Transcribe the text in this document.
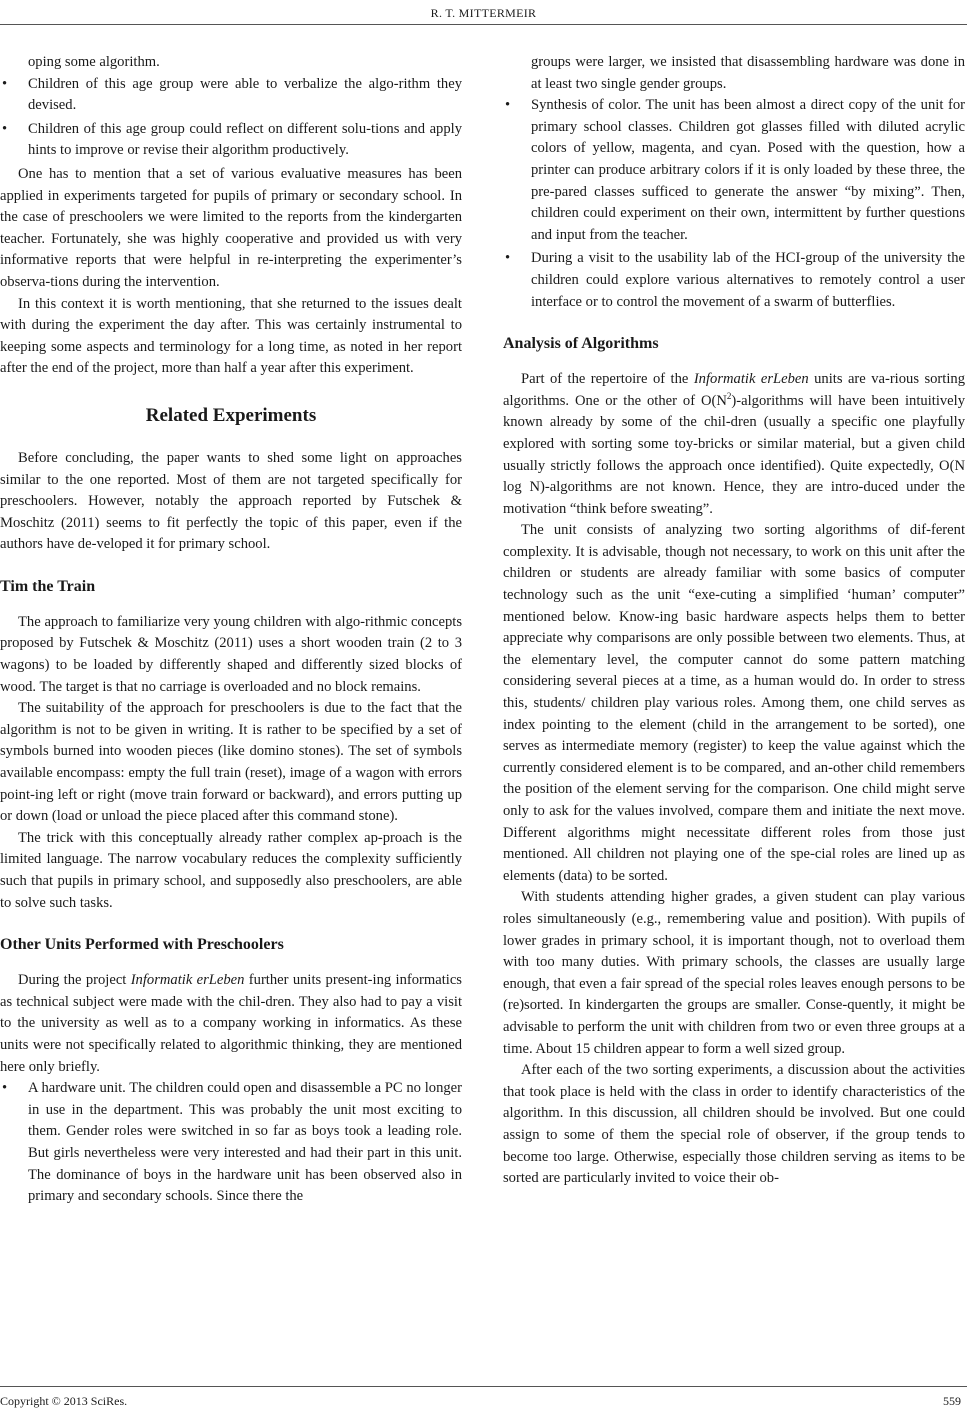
R. T. MITTERMEIR
oping some algorithm.
• Children of this age group were able to verbalize the algo-rithm they devised.
• Children of this age group could reflect on different solu-tions and apply hints to improve or revise their algorithm productively.

One has to mention that a set of various evaluative measures has been applied in experiments targeted for pupils of primary or secondary school. In the case of preschoolers we were limited to the reports from the kindergarten teacher. Fortunately, she was highly cooperative and provided us with very informative reports that were helpful in re-interpreting the experimenter’s observa-tions during the intervention.

In this context it is worth mentioning, that she returned to the issues dealt with during the experiment the day after. This was certainly instrumental to keeping some aspects and terminology for a long time, as noted in her report after the end of the project, more than half a year after this experiment.

Related Experiments

Before concluding, the paper wants to shed some light on approaches similar to the one reported. Most of them are not targeted specifically for preschoolers. However, notably the approach reported by Futschek & Moschitz (2011) seems to fit perfectly the topic of this paper, even if the authors have de-veloped it for primary school.

Tim the Train

The approach to familiarize very young children with algo-rithmic concepts proposed by Futschek & Moschitz (2011) uses a short wooden train (2 to 3 wagons) to be loaded by differently shaped and differently sized blocks of wood. The target is that no carriage is overloaded and no block remains.

The suitability of the approach for preschoolers is due to the fact that the algorithm is not to be given in writing. It is rather to be specified by a set of symbols burned into wooden pieces (like domino stones). The set of symbols available encompass: empty the full train (reset), image of a wagon with errors point-ing left or right (move train forward or backward), and errors putting up or down (load or unload the piece placed after this command stone).

The trick with this conceptually already rather complex ap-proach is the limited language. The narrow vocabulary reduces the complexity sufficiently such that pupils in primary school, and supposedly also preschoolers, are able to solve such tasks.

Other Units Performed with Preschoolers

During the project Informatik erLeben further units present-ing informatics as technical subject were made with the chil-dren. They also had to pay a visit to the university as well as to a company working in informatics. As these units were not specifically related to algorithmic thinking, they are mentioned here only briefly.

• A hardware unit. The children could open and disassemble a PC no longer in use in the department. This was probably the unit most exciting to them. Gender roles were switched in so far as boys took a leading role. But girls nevertheless were very interested and had their part in this unit. The dominance of boys in the hardware unit has been observed also in primary and secondary schools. Since there the
groups were larger, we insisted that disassembling hardware was done in at least two single gender groups.
• Synthesis of color. The unit has been almost a direct copy of the unit for primary school classes. Children got glasses filled with diluted acrylic colors of yellow, magenta, and cyan. Posed with the question, how a printer can produce arbitrary colors if it is only loaded by these three, the pre-pared classes sufficed to generate the answer “by mixing”. Then, children could experiment on their own, intermittent by further questions and input from the teacher.
• During a visit to the usability lab of the HCI-group of the university the children could explore various alternatives to remotely control a user interface or to control the movement of a swarm of butterflies.
Analysis of Algorithms

Part of the repertoire of the Informatik erLeben units are va-rious sorting algorithms. One or the other of $O(N^2)$-algorithms will have been intuitively known already by some of the chil-dren (usually a specific one playfully explored with sorting some toy-bricks or similar material, but a given child usually strictly follows the approach once identified). Quite expectedly, O(N log N)-algorithms are not known. Hence, they are intro-duced under the motivation “think before sweating”.

The unit consists of analyzing two sorting algorithms of dif-ferent complexity. It is advisable, though not necessary, to work on this unit after the children or students are already familiar with some basics of computer technology such as the unit “exe-cuting a simplified ‘human’ computer” mentioned below. Know-ing basic hardware aspects helps them to better appreciate why comparisons are only possible between two elements. Thus, at the elementary level, the computer cannot do some pattern matching considering several pieces at a time, as a human would do. In order to stress this, students/ children play various roles. Among them, one child serves as index pointing to the element (child in the arrangement to be sorted), one serves as intermediate memory (register) to keep the value against which the currently considered element is to be compared, and an-other child remembers the position of the element serving for the comparison. One child might serve only to ask for the values involved, compare them and initiate the next move. Different algorithms might necessitate different roles from those just mentioned. All children not playing one of the spe-cial roles are lined up as elements (data) to be sorted.

With students attending higher grades, a given student can play various roles simultaneously (e.g., remembering value and position). With pupils of lower grades in primary school, it is important though, not to overload them with too many duties. With primary schools, the classes are usually large enough, that even a fair spread of the special roles leaves enough persons to be (re)sorted. In kindergarten the groups are smaller. Conse-quently, it might be advisable to perform the unit with children from two or even three groups at a time. About 15 children appear to form a well sized group.

After each of the two sorting experiments, a discussion about the activities that took place is held with the class in order to identify characteristics of the algorithm. In this discussion, all children should be involved. But one could assign to some of them the special role of observer, if the group tends to become too large. Otherwise, especially those children serving as items to be sorted are particularly invited to voice their ob-

Copyright © 2013 SciRes.	559
